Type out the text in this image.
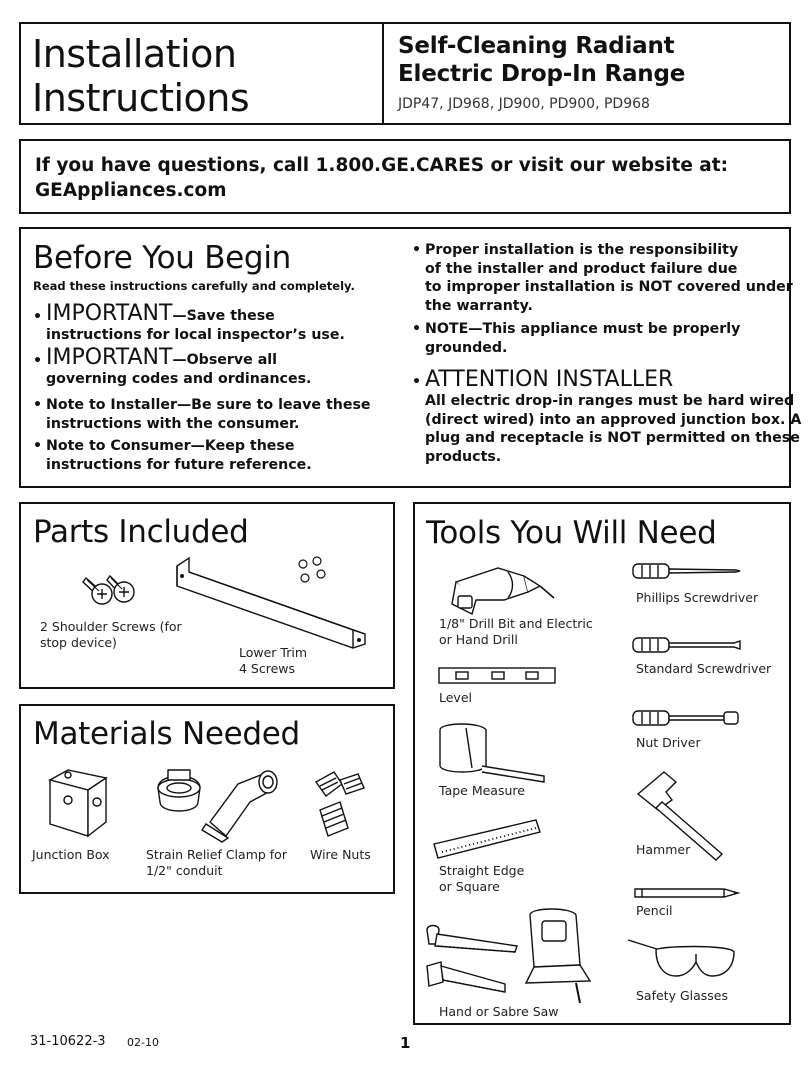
Installation
Instructions
Self-Cleaning Radiant
Electric Drop-In Range
JDP47, JD968, JD900, PD900, PD968
If you have questions, call 1.800.GE.CARES or visit our website at:
GEAppliances.com
Before You Begin
Read these instructions carefully and completely.
• IMPORTANT—Save these
instructions for local inspector’s use.
• IMPORTANT—Observe all
governing codes and ordinances.
• Note to Installer—Be sure to leave these
instructions with the consumer.
• Note to Consumer—Keep these
instructions for future reference.
• Proper installation is the responsibility
of the installer and product failure due
to improper installation is NOT covered under
the warranty.
• NOTE—This appliance must be properly
grounded.
• ATTENTION INSTALLER
All electric drop-in ranges must be hard wired
(direct wired) into an approved junction box. A
plug and receptacle is NOT permitted on these
products.
Parts Included
2 Shoulder Screws (for
stop device)
Lower Trim
4 Screws
Materials Needed
Junction Box	Strain Relief Clamp for
1/2" conduit
Wire Nuts
Tools You Will Need
1/8" Drill Bit and Electric
or Hand Drill
Level
Tape Measure
Straight Edge
or Square
Hand or Sabre Saw
Phillips Screwdriver
Standard Screwdriver
Nut Driver
Hammer
Pencil
Safety Glasses
31-10622-3 02-10	1
